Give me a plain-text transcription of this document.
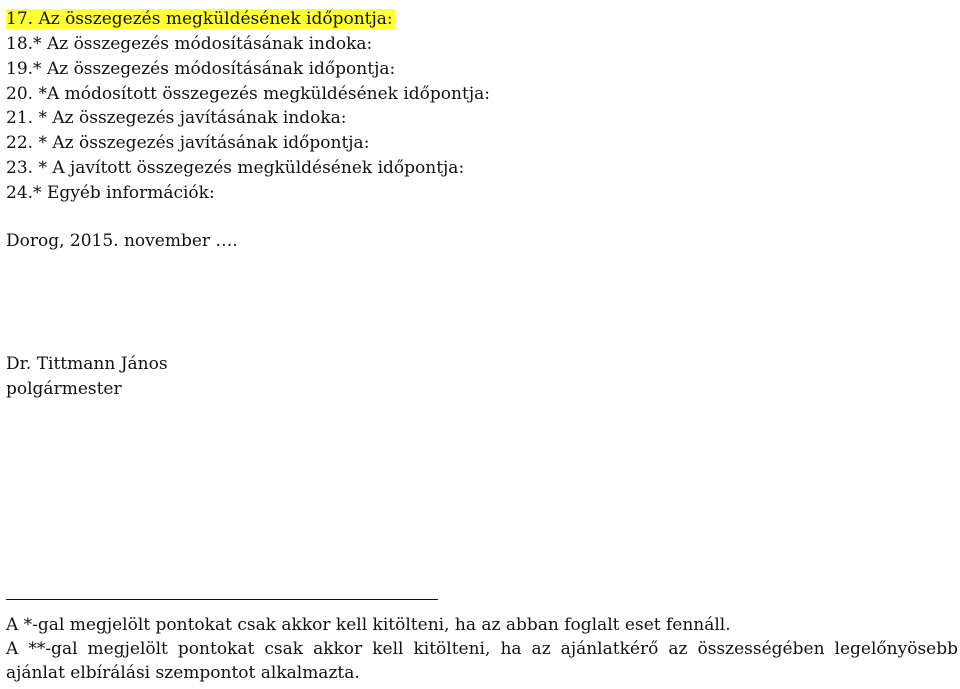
17. Az összegezés megküldésének időpontja:
18.* Az összegezés módosításának indoka:
19.* Az összegezés módosításának időpontja:
20. *A módosított összegezés megküldésének időpontja:
21. * Az összegezés javításának indoka:
22. * Az összegezés javításának időpontja:
23. * A javított összegezés megküldésének időpontja:
24.* Egyéb információk:
Dorog, 2015. november ….
Dr. Tittmann János
polgármester
A *-gal megjelölt pontokat csak akkor kell kitölteni, ha az abban foglalt eset fennáll.
A **-gal megjelölt pontokat csak akkor kell kitölteni, ha az ajánlatkérő az összességében legelőnyösebb
ajánlat elbírálási szempontot alkalmazta.
